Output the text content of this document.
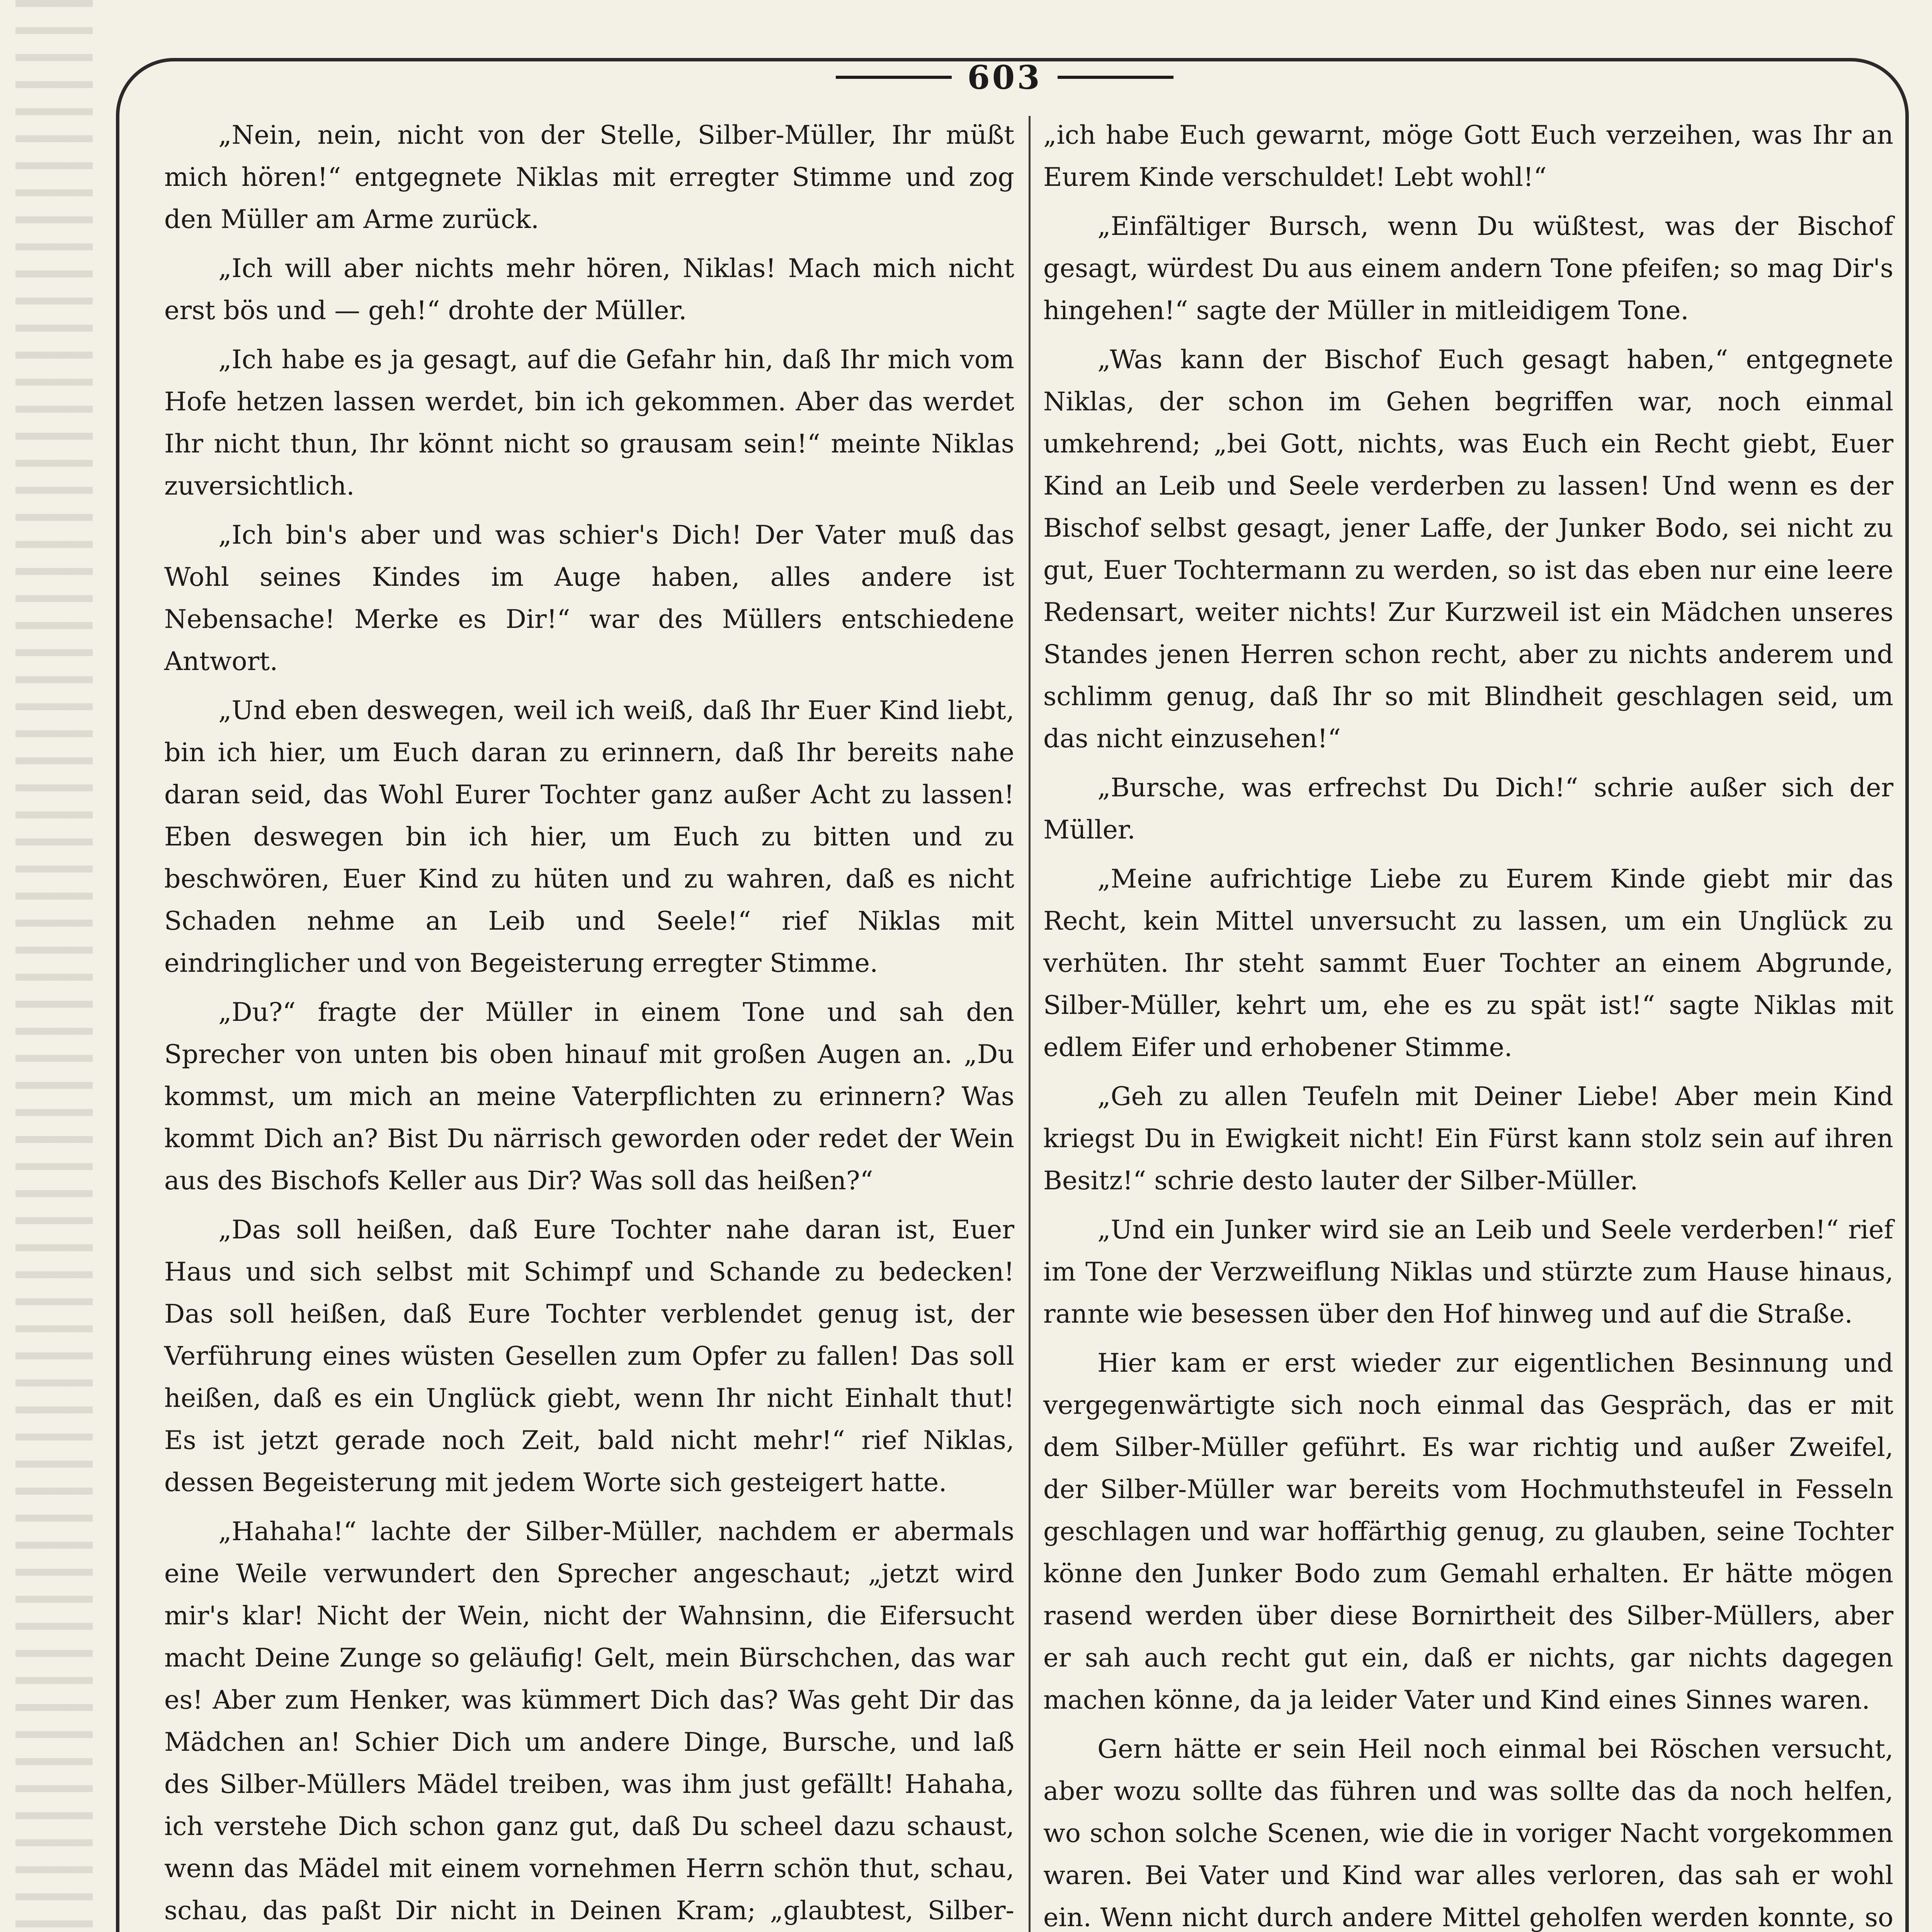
603

„Nein, nein, nicht von der Stelle, Silber-Müller, Ihr müßt mich hören!“ entgegnete Niklas mit erregter Stimme und zog den Müller am Arme zurück.

„Ich will aber nichts mehr hören, Niklas! Mach mich nicht erst bös und — geh!“ drohte der Müller.

„Ich habe es ja gesagt, auf die Gefahr hin, daß Ihr mich vom Hofe hetzen lassen werdet, bin ich gekommen. Aber das werdet Ihr nicht thun, Ihr könnt nicht so grausam sein!“ meinte Niklas zuversichtlich.

„Ich bin's aber und was schier's Dich! Der Vater muß das Wohl seines Kindes im Auge haben, alles andere ist Nebensache! Merke es Dir!“ war des Müllers entschiedene Antwort.

„Und eben deswegen, weil ich weiß, daß Ihr Euer Kind liebt, bin ich hier, um Euch daran zu erinnern, daß Ihr bereits nahe daran seid, das Wohl Eurer Tochter ganz außer Acht zu lassen! Eben deswegen bin ich hier, um Euch zu bitten und zu beschwören, Euer Kind zu hüten und zu wahren, daß es nicht Schaden nehme an Leib und Seele!“ rief Niklas mit eindringlicher und von Begeisterung erregter Stimme.

„Du?“ fragte der Müller in einem Tone und sah den Sprecher von unten bis oben hinauf mit großen Augen an. „Du kommst, um mich an meine Vaterpflichten zu erinnern? Was kommt Dich an? Bist Du närrisch geworden oder redet der Wein aus des Bischofs Keller aus Dir? Was soll das heißen?“

„Das soll heißen, daß Eure Tochter nahe daran ist, Euer Haus und sich selbst mit Schimpf und Schande zu bedecken! Das soll heißen, daß Eure Tochter verblendet genug ist, der Verführung eines wüsten Gesellen zum Opfer zu fallen! Das soll heißen, daß es ein Unglück giebt, wenn Ihr nicht Einhalt thut! Es ist jetzt gerade noch Zeit, bald nicht mehr!“ rief Niklas, dessen Begeisterung mit jedem Worte sich gesteigert hatte.

„Hahaha!“ lachte der Silber-Müller, nachdem er abermals eine Weile verwundert den Sprecher angeschaut; „jetzt wird mir's klar! Nicht der Wein, nicht der Wahnsinn, die Eifersucht macht Deine Zunge so geläufig! Gelt, mein Bürschchen, das war es! Aber zum Henker, was kümmert Dich das? Was geht Dir das Mädchen an! Schier Dich um andere Dinge, Bursche, und laß des Silber-Müllers Mädel treiben, was ihm just gefällt! Hahaha, ich verstehe Dich schon ganz gut, daß Du scheel dazu schaust, wenn das Mädel mit einem vornehmen Herrn schön thut, schau, schau, das paßt Dir nicht in Deinen Kram; „glaubtest, Silber-

„ich habe Euch gewarnt, möge Gott Euch verzeihen, was Ihr an Eurem Kinde verschuldet! Lebt wohl!“

„Einfältiger Bursch, wenn Du wüßtest, was der Bischof gesagt, würdest Du aus einem andern Tone pfeifen; so mag Dir's hingehen!“ sagte der Müller in mitleidigem Tone.

„Was kann der Bischof Euch gesagt haben,“ entgegnete Niklas, der schon im Gehen begriffen war, noch einmal umkehrend; „bei Gott, nichts, was Euch ein Recht giebt, Euer Kind an Leib und Seele verderben zu lassen! Und wenn es der Bischof selbst gesagt, jener Laffe, der Junker Bodo, sei nicht zu gut, Euer Tochtermann zu werden, so ist das eben nur eine leere Redensart, weiter nichts! Zur Kurzweil ist ein Mädchen unseres Standes jenen Herren schon recht, aber zu nichts anderem und schlimm genug, daß Ihr so mit Blindheit geschlagen seid, um das nicht einzusehen!“

„Bursche, was erfrechst Du Dich!“ schrie außer sich der Müller.

„Meine aufrichtige Liebe zu Eurem Kinde giebt mir das Recht, kein Mittel unversucht zu lassen, um ein Unglück zu verhüten. Ihr steht sammt Euer Tochter an einem Abgrunde, Silber-Müller, kehrt um, ehe es zu spät ist!“ sagte Niklas mit edlem Eifer und erhobener Stimme.

„Geh zu allen Teufeln mit Deiner Liebe! Aber mein Kind kriegst Du in Ewigkeit nicht! Ein Fürst kann stolz sein auf ihren Besitz!“ schrie desto lauter der Silber-Müller.

„Und ein Junker wird sie an Leib und Seele verderben!“ rief im Tone der Verzweiflung Niklas und stürzte zum Hause hinaus, rannte wie besessen über den Hof hinweg und auf die Straße.

Hier kam er erst wieder zur eigentlichen Besinnung und vergegenwärtigte sich noch einmal das Gespräch, das er mit dem Silber-Müller geführt. Es war richtig und außer Zweifel, der Silber-Müller war bereits vom Hochmuthsteufel in Fesseln geschlagen und war hoffärthig genug, zu glauben, seine Tochter könne den Junker Bodo zum Gemahl erhalten. Er hätte mögen rasend werden über diese Bornirtheit des Silber-Müllers, aber er sah auch recht gut ein, daß er nichts, gar nichts dagegen machen könne, da ja leider Vater und Kind eines Sinnes waren.

Gern hätte er sein Heil noch einmal bei Röschen versucht, aber wozu sollte das führen und was sollte das da noch helfen, wo schon solche Scenen, wie die in voriger Nacht vorgekommen waren. Bei Vater und Kind war alles verloren, das sah er wohl ein. Wenn nicht durch andere Mittel geholfen werden konnte, so
